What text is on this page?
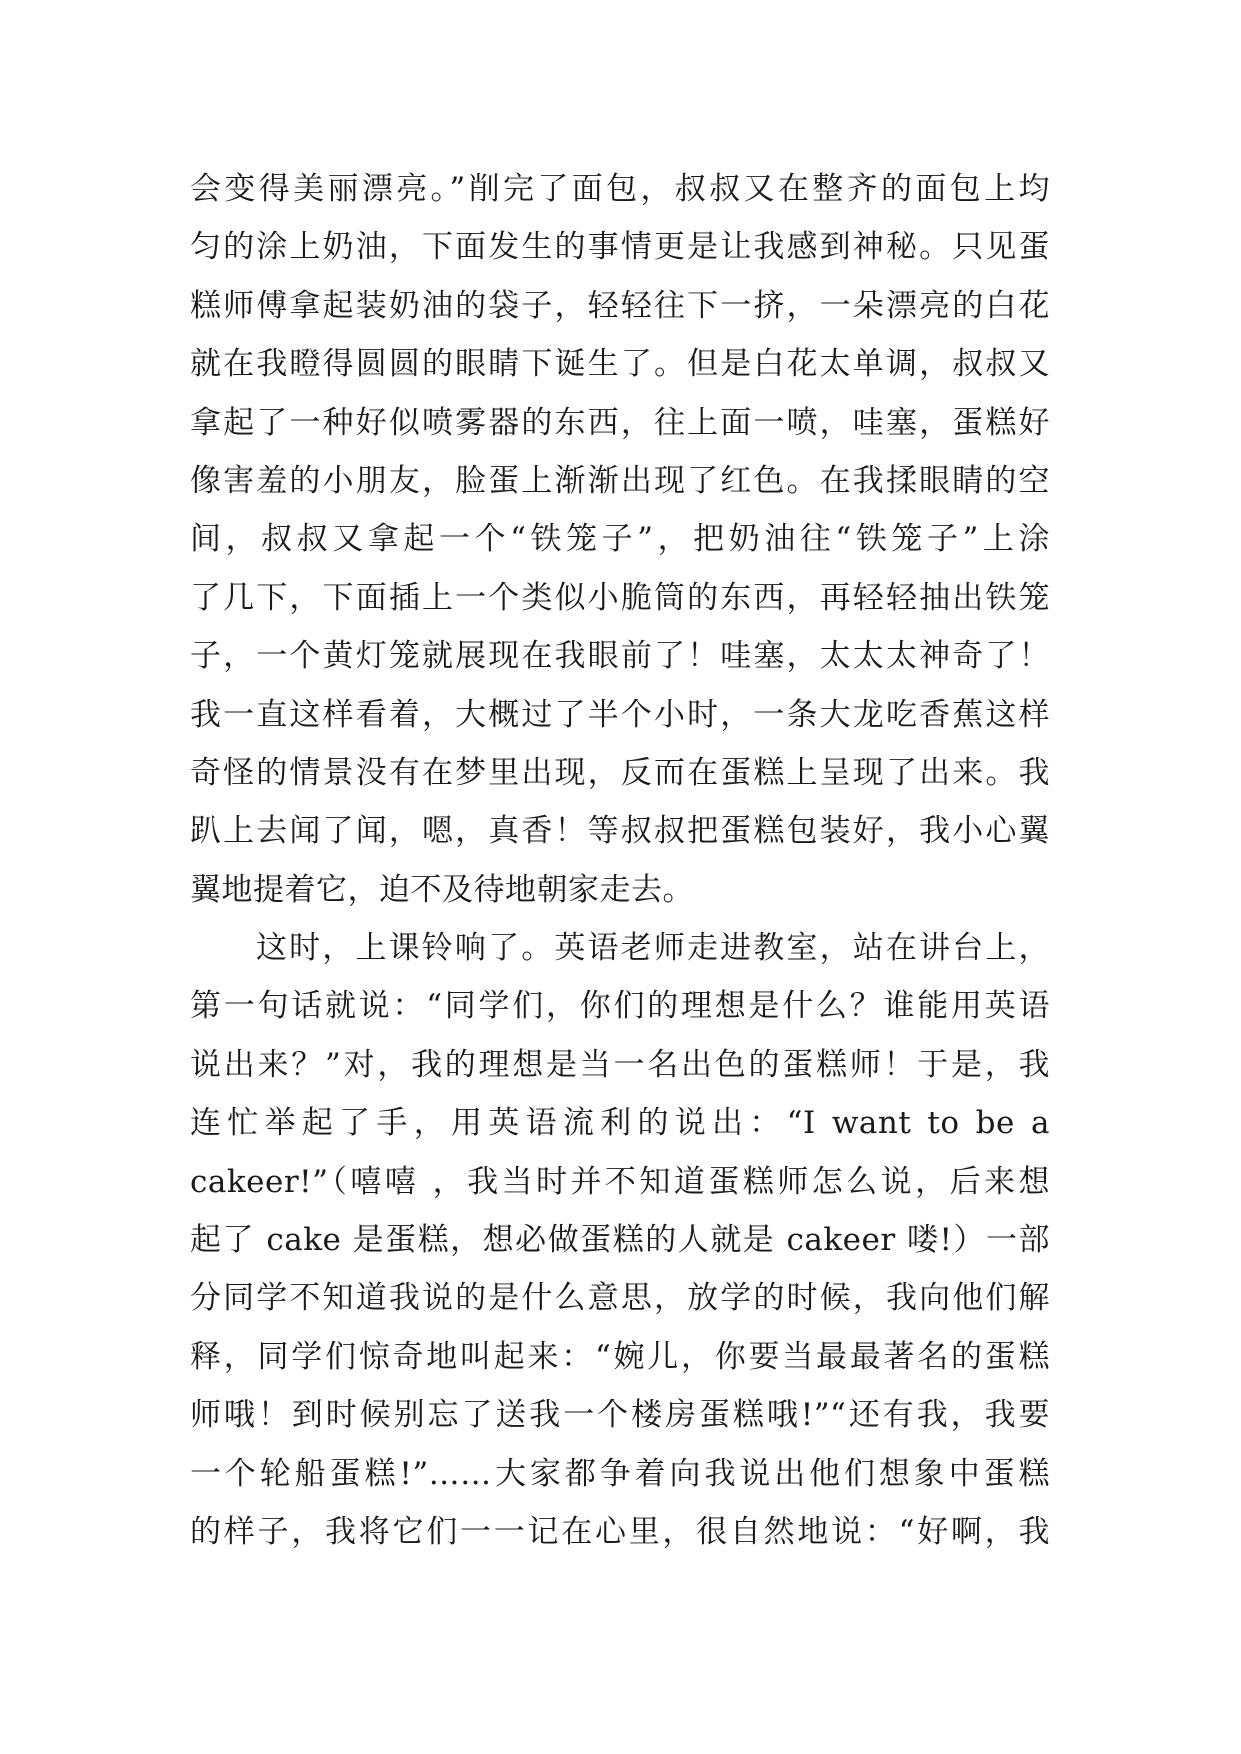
会变得美丽漂亮。”削完了面包，叔叔又在整齐的面包上均
匀的涂上奶油，下面发生的事情更是让我感到神秘。只见蛋
糕师傅拿起装奶油的袋子，轻轻往下一挤，一朵漂亮的白花
就在我瞪得圆圆的眼睛下诞生了。但是白花太单调，叔叔又
拿起了一种好似喷雾器的东西，往上面一喷，哇塞，蛋糕好
像害羞的小朋友，脸蛋上渐渐出现了红色。在我揉眼睛的空
间，叔叔又拿起一个“铁笼子”，把奶油往“铁笼子”上涂
了几下，下面插上一个类似小脆筒的东西，再轻轻抽出铁笼
子，一个黄灯笼就展现在我眼前了！哇塞，太太太神奇了！
我一直这样看着，大概过了半个小时，一条大龙吃香蕉这样
奇怪的情景没有在梦里出现，反而在蛋糕上呈现了出来。我
趴上去闻了闻，嗯，真香！等叔叔把蛋糕包装好，我小心翼
翼地提着它，迫不及待地朝家走去。
这时，上课铃响了。英语老师走进教室，站在讲台上，
第一句话就说：“同学们，你们的理想是什么？谁能用英语
说出来？”对，我的理想是当一名出色的蛋糕师！于是，我
连忙举起了手，用英语流利的说出：“I want to be a
cakeer!”（嘻嘻 ，我当时并不知道蛋糕师怎么说，后来想
起了 cake 是蛋糕，想必做蛋糕的人就是 cakeer 喽!）一部
分同学不知道我说的是什么意思，放学的时候，我向他们解
释，同学们惊奇地叫起来：“婉儿，你要当最最著名的蛋糕
师哦！到时候别忘了送我一个楼房蛋糕哦!”“还有我，我要
一个轮船蛋糕!”……大家都争着向我说出他们想象中蛋糕
的样子，我将它们一一记在心里，很自然地说：“好啊，我
